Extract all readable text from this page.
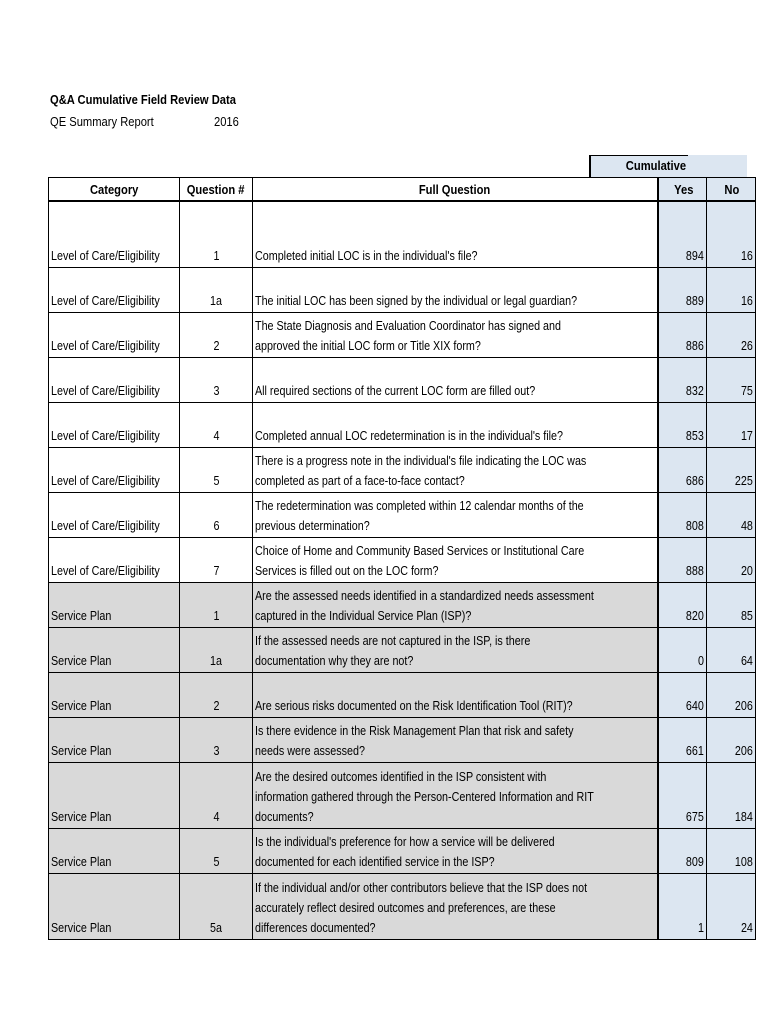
Q&A Cumulative Field Review Data
QE Summary Report	2016
Cumulative
Category	Question #	Full Question	Yes	No

Level of Care/Eligibility	1	Completed initial LOC is in the individual's file?	894	16
Level of Care/Eligibility	1a	The initial LOC has been signed by the individual or legal guardian?	889	16
Level of Care/Eligibility	2	The State Diagnosis and Evaluation Coordinator has signed and approved the initial LOC form or Title XIX form?	886	26
Level of Care/Eligibility	3	All required sections of the current LOC form are filled out?	832	75
Level of Care/Eligibility	4	Completed annual LOC redetermination is in the individual's file?	853	17
Level of Care/Eligibility	5	There is a progress note in the individual's file indicating the LOC was completed as part of a face-to-face contact?	686	225
Level of Care/Eligibility	6	The redetermination was completed within 12 calendar months of the previous determination?	808	48
Level of Care/Eligibility	7	Choice of Home and Community Based Services or Institutional Care Services is filled out on the LOC form?	888	20
Service Plan	1	Are the assessed needs identified in a standardized needs assessment captured in the Individual Service Plan (ISP)?	820	85
Service Plan	1a	If the assessed needs are not captured in the ISP, is there documentation why they are not?	0	64
Service Plan	2	Are serious risks documented on the Risk Identification Tool (RIT)?	640	206
Service Plan	3	Is there evidence in the Risk Management Plan that risk and safety needs were assessed?	661	206
Service Plan	4	Are the desired outcomes identified in the ISP consistent with information gathered through the Person-Centered Information and RIT documents?	675	184
Service Plan	5	Is the individual's preference for how a service will be delivered documented for each identified service in the ISP?	809	108
Service Plan	5a	If the individual and/or other contributors believe that the ISP does not accurately reflect desired outcomes and preferences, are these differences documented?	1	24
